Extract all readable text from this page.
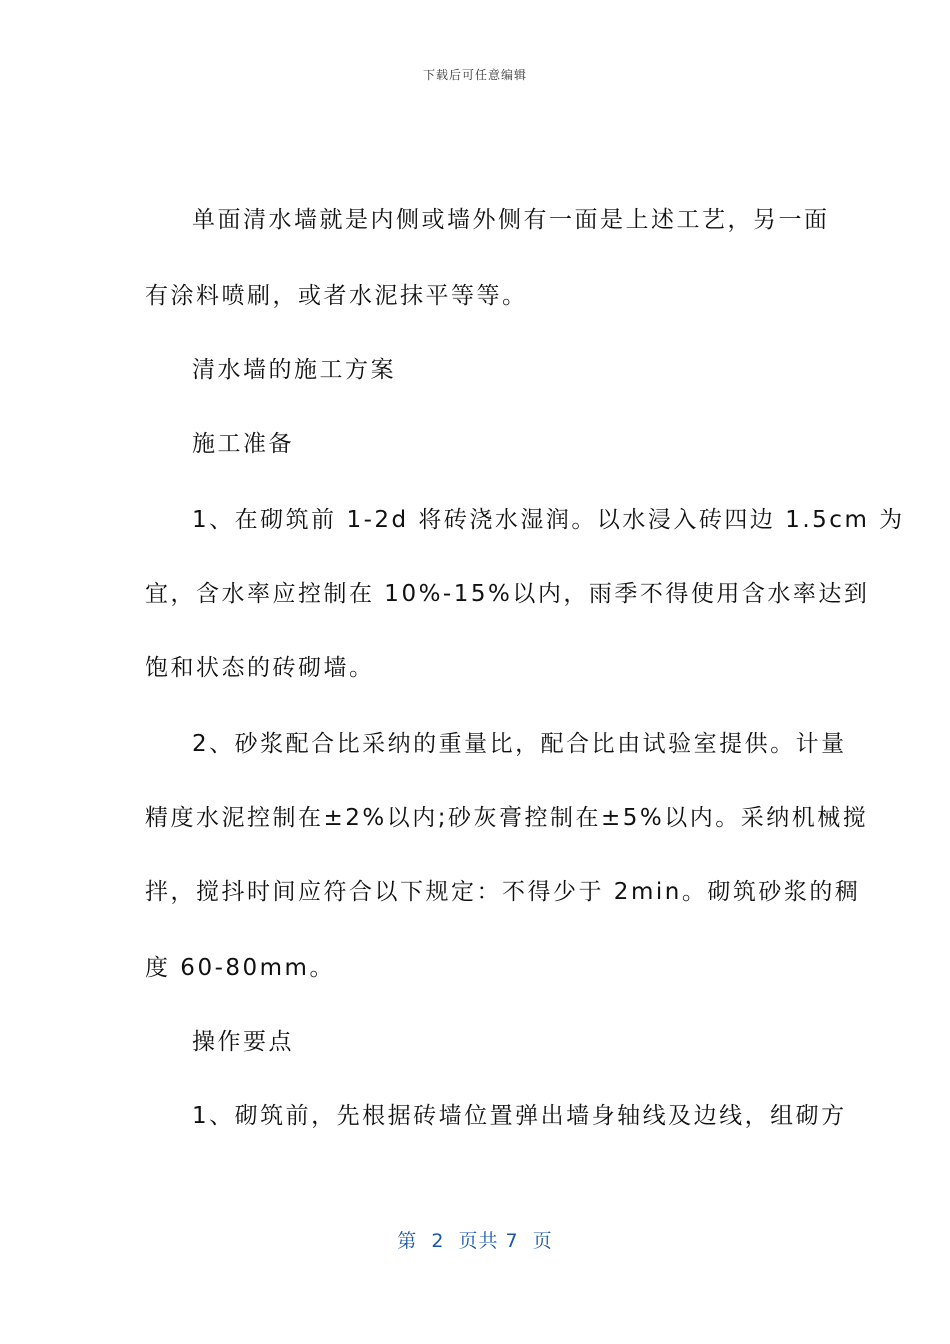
下载后可任意编辑
单面清水墙就是内侧或墙外侧有一面是上述工艺，另一面
有涂料喷刷，或者水泥抹平等等。
清水墙的施工方案
施工准备
1、在砌筑前 1-2d 将砖浇水湿润。以水浸入砖四边 1.5cm 为
宜，含水率应控制在 10%-15%以内，雨季不得使用含水率达到
饱和状态的砖砌墙。
2、砂浆配合比采纳的重量比，配合比由试验室提供。计量
精度水泥控制在±2%以内;砂灰膏控制在±5%以内。采纳机械搅
拌，搅抖时间应符合以下规定：不得少于 2min。砌筑砂浆的稠
度 60-80mm。
操作要点
1、砌筑前，先根据砖墙位置弹出墙身轴线及边线，组砌方
第  2  页共 7  页
